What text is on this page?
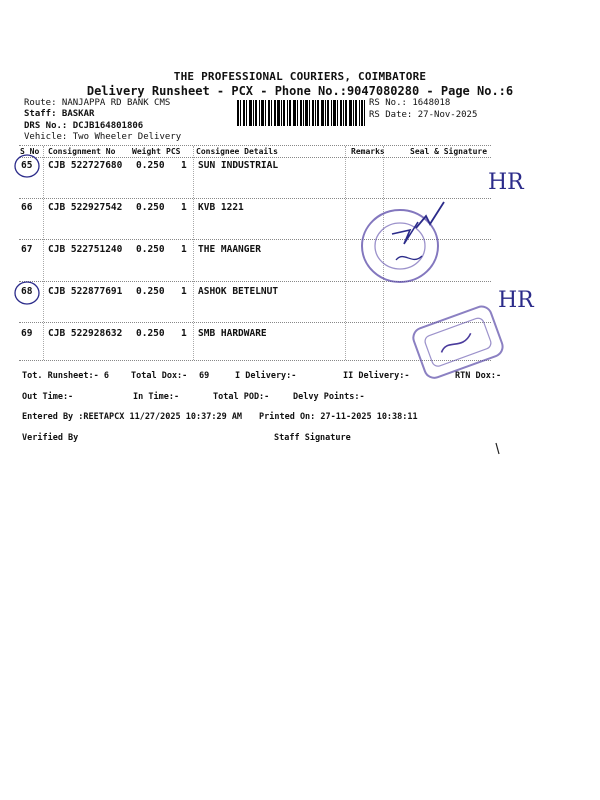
THE PROFESSIONAL COURIERS, COIMBATORE
Delivery Runsheet - PCX - Phone No.:9047080280 - Page No.:6
Route: NANJAPPA RD BANK CMS
Staff: BASKAR
DRS No.: DCJB164801806
Vehicle: Two Wheeler Delivery
RS No.: 1648018
RS Date: 27-Nov-2025
S No Consignment No Weight PCS Consignee Details	Remarks	Seal & Signature
65 CJB 522727680 0.250 1 SUN INDUSTRIAL
66 CJB 522927542 0.250 1 KVB 1221
67 CJB 522751240 0.250 1 THE MAANGER
68 CJB 522877691 0.250 1 ASHOK BETELNUT
69 CJB 522928632 0.250 1 SMB HARDWARE
HR
HR
Tot. Runsheet:- 6	Total Dox:- 69	I Delivery:-	II Delivery:-	RTN Dox:-
Out Time:-	In Time:-	Total POD:-	Delvy Points:-
Entered By :REETAPCX 11/27/2025 10:37:29 AM Printed On: 27-11-2025 10:38:11
Verified By	Staff Signature
